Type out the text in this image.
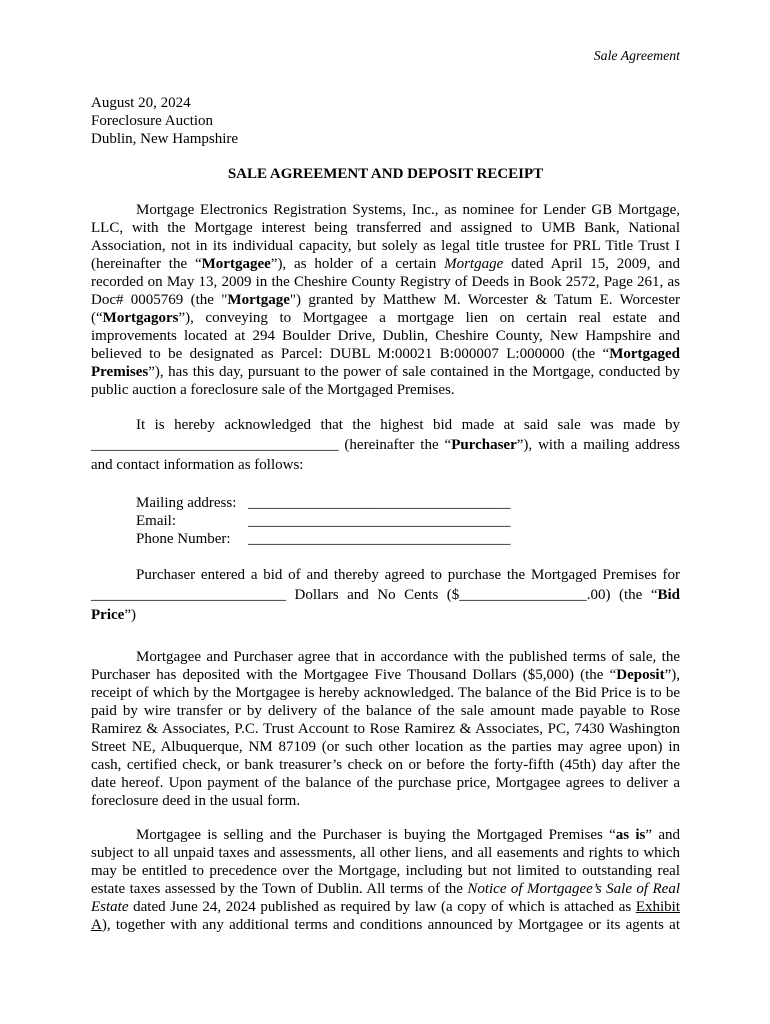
Sale Agreement
August 20, 2024
Foreclosure Auction
Dublin, New Hampshire
SALE AGREEMENT AND DEPOSIT RECEIPT
Mortgage Electronics Registration Systems, Inc., as nominee for Lender GB Mortgage,
LLC, with the Mortgage interest being transferred and assigned to UMB Bank, National
Association, not in its individual capacity, but solely as legal title trustee for PRL Title Trust I
(hereinafter the “Mortgagee”), as holder of a certain Mortgage dated April 15, 2009, and
recorded on May 13, 2009 in the Cheshire County Registry of Deeds in Book 2572, Page 261, as
Doc# 0005769 (the "Mortgage") granted by Matthew M. Worcester & Tatum E. Worcester
(“Mortgagors”), conveying to Mortgagee a mortgage lien on certain real estate and
improvements located at 294 Boulder Drive, Dublin, Cheshire County, New Hampshire and
believed to be designated as Parcel: DUBL M:00021 B:000007 L:000000 (the “Mortgaged
Premises”), has this day, pursuant to the power of sale contained in the Mortgage, conducted by
public auction a foreclosure sale of the Mortgaged Premises.
It is hereby acknowledged that the highest bid made at said sale was made by
_________________________________ (hereinafter the “Purchaser”), with a mailing address
and contact information as follows:
Mailing address: ___________________________________
Email:	___________________________________
Phone Number: ___________________________________
Purchaser entered a bid of and thereby agreed to purchase the Mortgaged Premises for
__________________________ Dollars and No Cents ($_________________.00) (the “Bid
Price”)
Mortgagee and Purchaser agree that in accordance with the published terms of sale, the
Purchaser has deposited with the Mortgagee Five Thousand Dollars ($5,000) (the “Deposit”),
receipt of which by the Mortgagee is hereby acknowledged. The balance of the Bid Price is to be
paid by wire transfer or by delivery of the balance of the sale amount made payable to Rose
Ramirez & Associates, P.C. Trust Account to Rose Ramirez & Associates, PC, 7430 Washington
Street NE, Albuquerque, NM 87109 (or such other location as the parties may agree upon) in
cash, certified check, or bank treasurer’s check on or before the forty-fifth (45th) day after the
date hereof. Upon payment of the balance of the purchase price, Mortgagee agrees to deliver a
foreclosure deed in the usual form.
Mortgagee is selling and the Purchaser is buying the Mortgaged Premises “as is” and
subject to all unpaid taxes and assessments, all other liens, and all easements and rights to which
may be entitled to precedence over the Mortgage, including but not limited to outstanding real
estate taxes assessed by the Town of Dublin. All terms of the Notice of Mortgagee’s Sale of Real
Estate dated June 24, 2024 published as required by law (a copy of which is attached as Exhibit
A), together with any additional terms and conditions announced by Mortgagee or its agents at
